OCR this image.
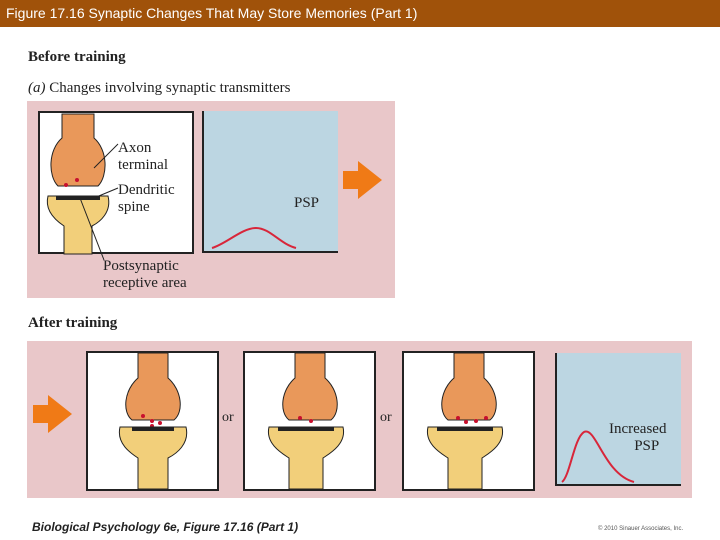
Figure 17.16 Synaptic Changes That May Store Memories (Part 1)
Before training
(a) Changes involving synaptic transmitters
Axon
terminal
Dendritic
spine
Postsynaptic
receptive area
PSP
After training
or	or
Increased
PSP
Biological Psychology 6e, Figure 17.16 (Part 1)	© 2010 Sinauer Associates, Inc.
